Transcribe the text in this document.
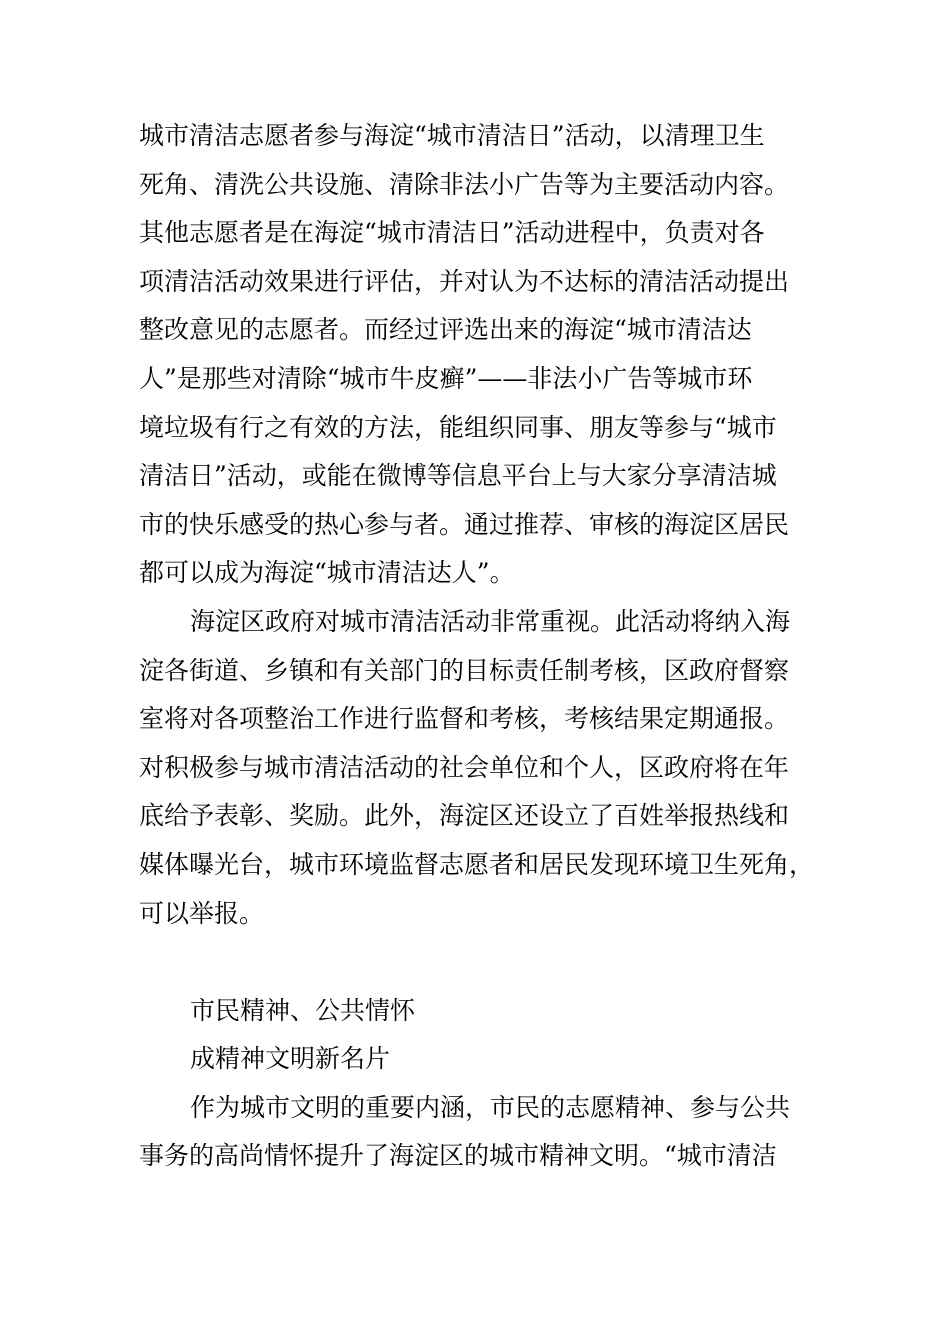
城市清洁志愿者参与海淀“城市清洁日”活动，以清理卫生
死角、清洗公共设施、清除非法小广告等为主要活动内容。
其他志愿者是在海淀“城市清洁日”活动进程中，负责对各
项清洁活动效果进行评估，并对认为不达标的清洁活动提出
整改意见的志愿者。而经过评选出来的海淀“城市清洁达
人”是那些对清除“城市牛皮癣”——非法小广告等城市环
境垃圾有行之有效的方法，能组织同事、朋友等参与“城市
清洁日”活动，或能在微博等信息平台上与大家分享清洁城
市的快乐感受的热心参与者。通过推荐、审核的海淀区居民
都可以成为海淀“城市清洁达人”。
海淀区政府对城市清洁活动非常重视。此活动将纳入海
淀各街道、乡镇和有关部门的目标责任制考核，区政府督察
室将对各项整治工作进行监督和考核，考核结果定期通报。
对积极参与城市清洁活动的社会单位和个人，区政府将在年
底给予表彰、奖励。此外，海淀区还设立了百姓举报热线和
媒体曝光台，城市环境监督志愿者和居民发现环境卫生死角，
可以举报。
市民精神、公共情怀
成精神文明新名片
作为城市文明的重要内涵，市民的志愿精神、参与公共
事务的高尚情怀提升了海淀区的城市精神文明。“城市清洁
